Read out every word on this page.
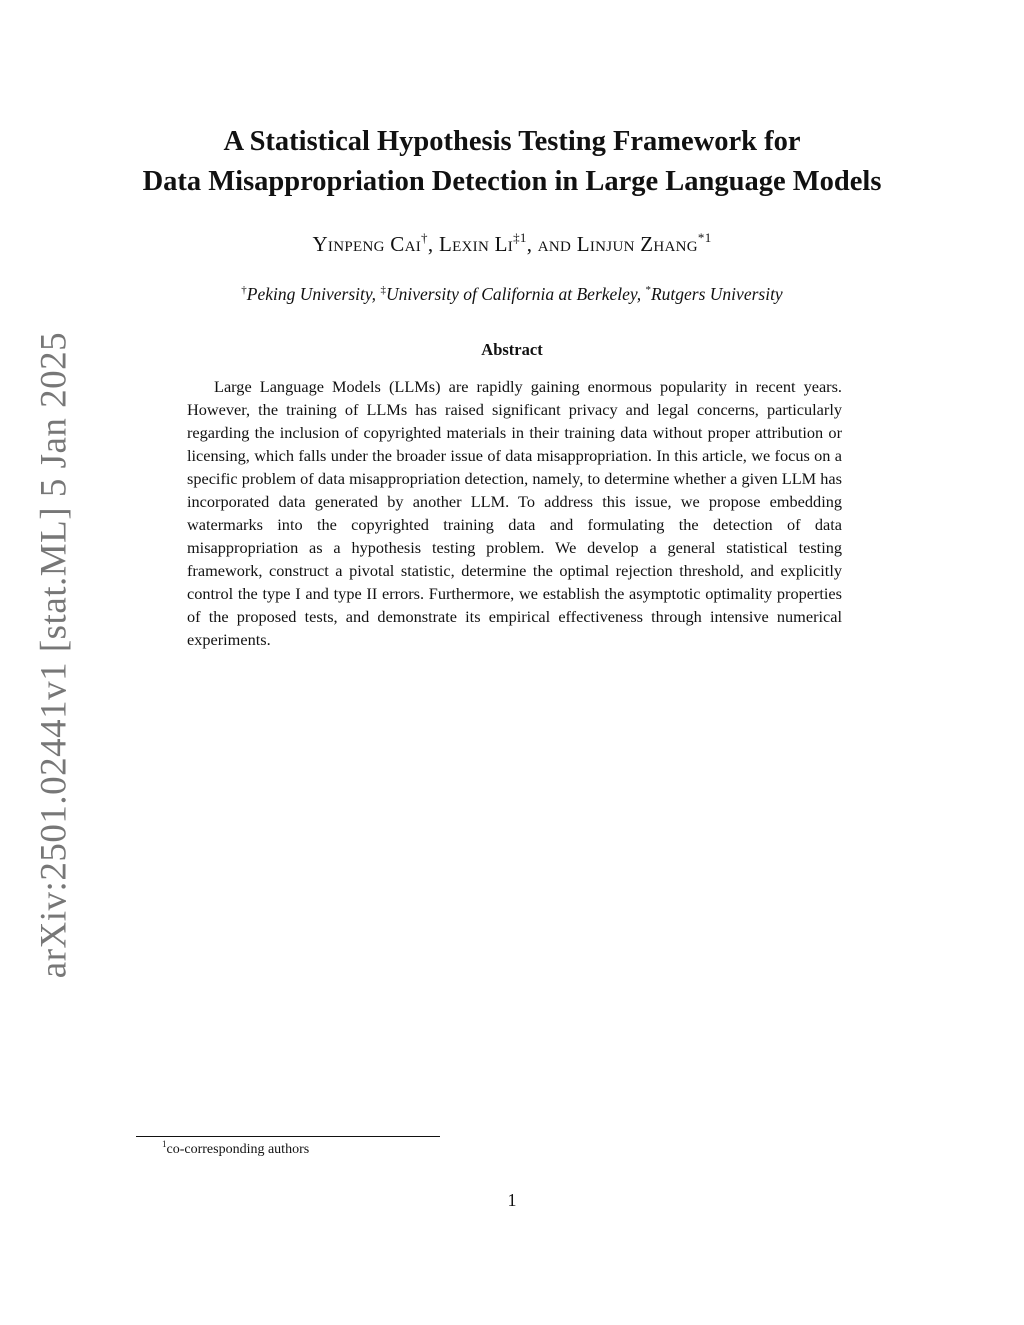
arXiv:2501.02441v1 [stat.ML] 5 Jan 2025
A Statistical Hypothesis Testing Framework for
Data Misappropriation Detection in Large Language Models
Yinpeng Cai†, Lexin Li$^{\ddagger 1}$, and Linjun Zhang$^{*1}$
†Peking University, ‡University of California at Berkeley, *Rutgers University
Abstract

Large Language Models (LLMs) are rapidly gaining enormous popularity in recent years. However, the training of LLMs has raised significant privacy and legal concerns, particularly regarding the inclusion of copyrighted materials in their training data without proper attribution or licensing, which falls under the broader issue of data misappropriation. In this article, we focus on a specific problem of data misappropriation detection, namely, to determine whether a given LLM has incorporated data generated by another LLM. To address this issue, we propose embedding watermarks into the copyrighted training data and formulating the detection of data misappropriation as a hypothesis testing problem. We develop a general statistical testing framework, construct a pivotal statistic, determine the optimal rejection threshold, and explicitly control the type I and type II errors. Furthermore, we establish the asymptotic optimality properties of the proposed tests, and demonstrate its empirical effectiveness through intensive numerical experiments.

$^1$co-corresponding authors
1
